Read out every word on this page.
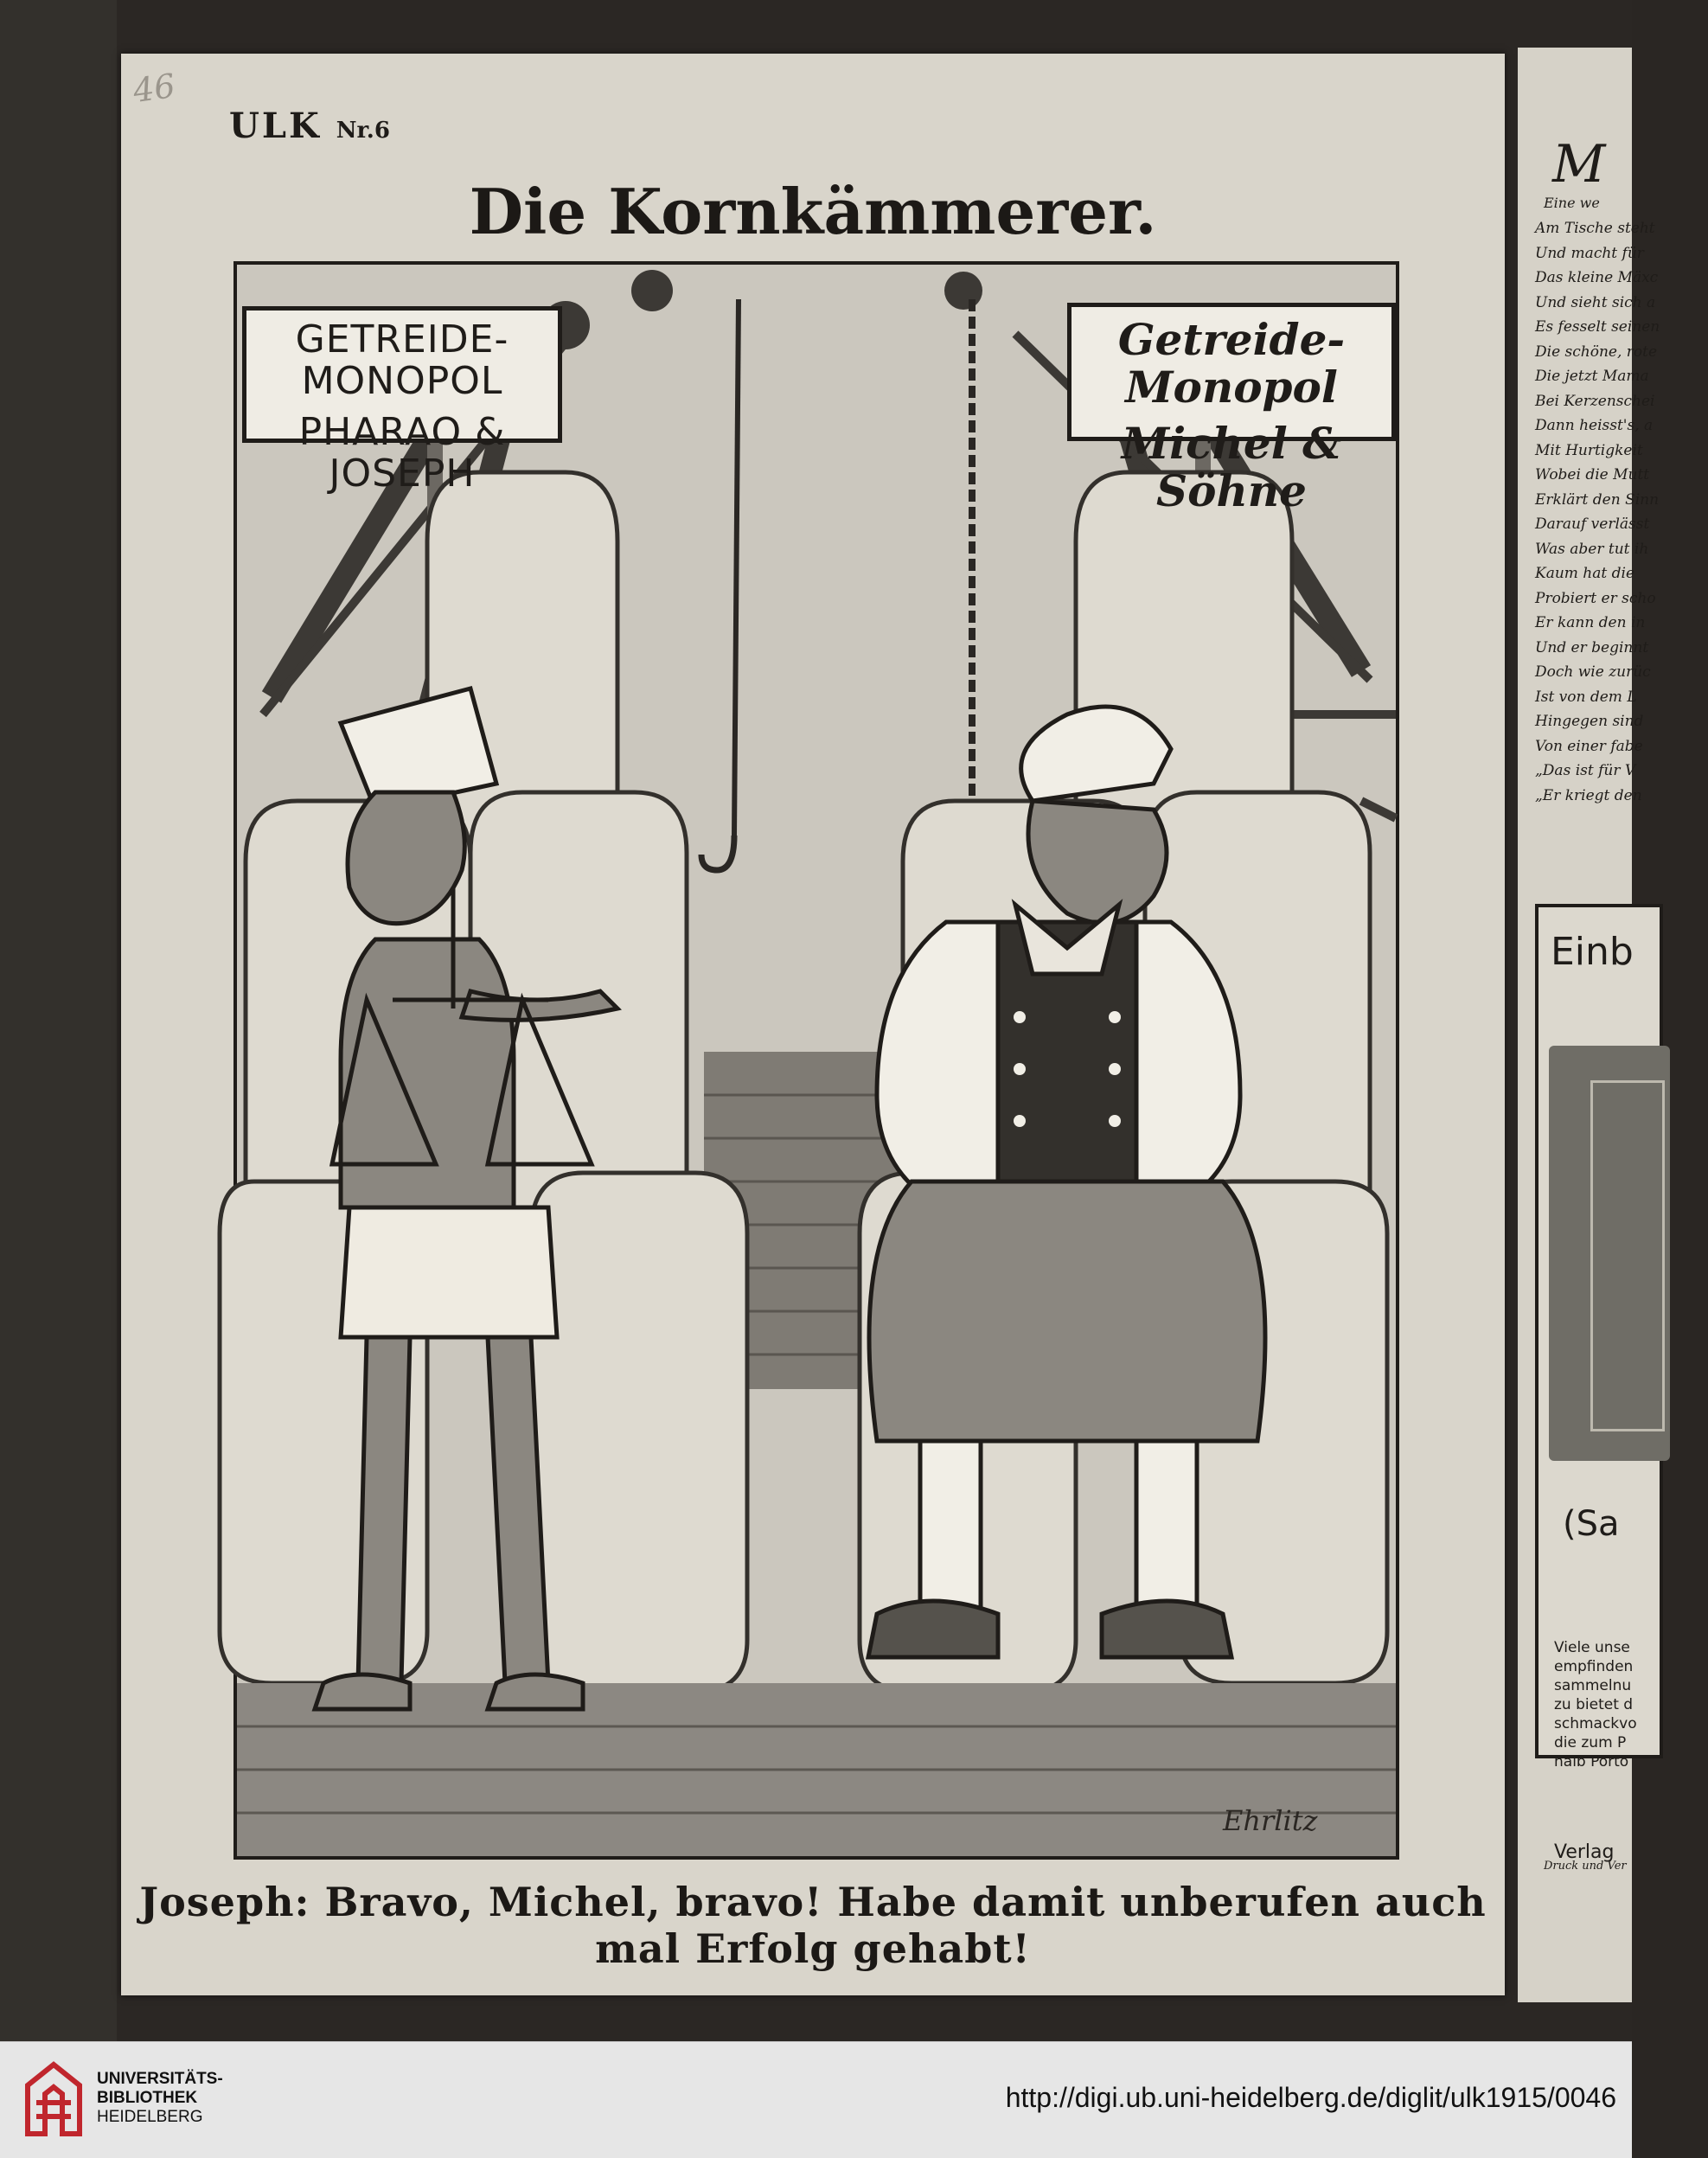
46
ULK Nr.6
Die Kornkämmerer.
GETREIDE-MONOPOL
PHARAO & JOSEPH
Getreide-Monopol
Michel & Söhne
Ehrlitz
Joseph: Bravo, Michel, bravo! Habe damit unberufen auch mal Erfolg gehabt!
M
Eine we
Am Tische steht
Und macht für
Das kleine Mäxc
Und sieht sich a
Es fesselt seinen
Die schöne, rote
Die jetzt Mama
Bei Kerzenschei
Dann heisst's, a
Mit Hurtigkeit
Wobei die Mutt
Erklärt den Sinn
Darauf verlässt
Was aber tut ih
Kaum hat die
Probiert er scho
Er kann den in
Und er beginnt
Doch wie zurüc
Ist von dem L
Hingegen sind
Von einer fabe
„Das ist für V
„Er kriegt den
Einb
(Sa
Viele unse
empfinden
sammelnu
zu bietet d
schmackvo
die zum P
halb Porto
Verlag
Druck und Ver
UNIVERSITÄTS-
BIBLIOTHEK
HEIDELBERG
http://digi.ub.uni-heidelberg.de/diglit/ulk1915/0046
